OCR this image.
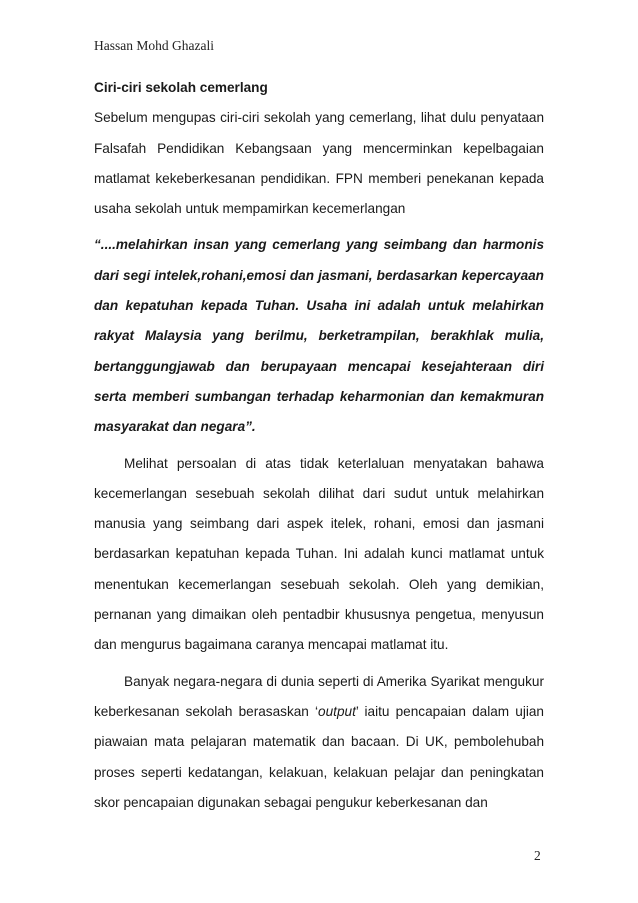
Hassan Mohd Ghazali

Ciri-ciri sekolah cemerlang

Sebelum mengupas ciri-ciri sekolah yang cemerlang, lihat dulu penyataan Falsafah Pendidikan Kebangsaan yang mencerminkan kepelbagaian matlamat kekeberkesanan pendidikan. FPN memberi penekanan kepada usaha sekolah untuk mempamirkan kecemerlangan

“....melahirkan insan yang cemerlang yang seimbang dan harmonis dari segi intelek,rohani,emosi dan jasmani, berdasarkan kepercayaan dan kepatuhan kepada Tuhan. Usaha ini adalah untuk melahirkan rakyat Malaysia yang berilmu, berketrampilan, berakhlak mulia, bertanggungjawab dan berupayaan mencapai kesejahteraan diri serta memberi sumbangan terhadap keharmonian dan kemakmuran masyarakat dan negara”.

Melihat persoalan di atas tidak keterlaluan menyatakan bahawa kecemerlangan sesebuah sekolah dilihat dari sudut untuk melahirkan manusia yang seimbang dari aspek itelek, rohani, emosi dan jasmani berdasarkan kepatuhan kepada Tuhan. Ini adalah kunci matlamat untuk menentukan kecemerlangan sesebuah sekolah. Oleh yang demikian, pernanan yang dimaikan oleh pentadbir khususnya pengetua, menyusun dan mengurus bagaimana caranya mencapai matlamat itu.

Banyak negara-negara di dunia seperti di Amerika Syarikat mengukur keberkesanan sekolah berasaskan ‘output’ iaitu pencapaian dalam ujian piawaian mata pelajaran matematik dan bacaan. Di UK, pembolehubah proses seperti kedatangan, kelakuan, kelakuan pelajar dan peningkatan skor pencapaian digunakan sebagai pengukur keberkesanan dan

2
